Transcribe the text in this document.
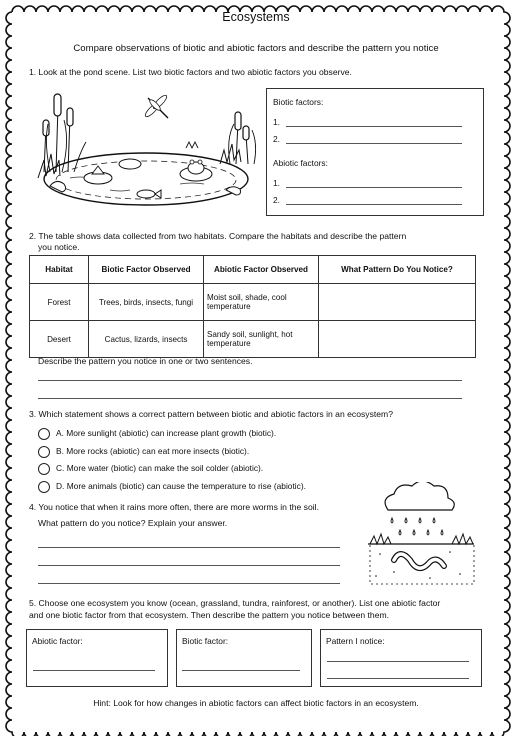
Ecosystems
Compare observations of biotic and abiotic factors and describe the pattern you notice
1. Look at the pond scene. List two biotic factors and two abiotic factors you observe.
Biotic factors:
1.
2.
Abiotic factors:
1.
2.
2. The table shows data collected from two habitats. Compare the habitats and describe the pattern
you notice.
Habitat	Biotic Factor Observed	Abiotic Factor Observed	What Pattern Do You Notice?
Forest	Trees, birds, insects, fungi	Moist soil, shade, cool temperature	
Desert	Cactus, lizards, insects	Sandy soil, sunlight, hot temperature	
Describe the pattern you notice in one or two sentences.
3. Which statement shows a correct pattern between biotic and abiotic factors in an ecosystem?
A. More sunlight (abiotic) can increase plant growth (biotic).
B. More rocks (abiotic) can eat more insects (biotic).
C. More water (biotic) can make the soil colder (abiotic).
D. More animals (biotic) can cause the temperature to rise (abiotic).
4. You notice that when it rains more often, there are more worms in the soil.
What pattern do you notice? Explain your answer.
5. Choose one ecosystem you know (ocean, grassland, tundra, rainforest, or another). List one abiotic factor
and one biotic factor from that ecosystem. Then describe the pattern you notice between them.
Abiotic factor:	Biotic factor:	Pattern I notice:
Hint: Look for how changes in abiotic factors can affect biotic factors in an ecosystem.
